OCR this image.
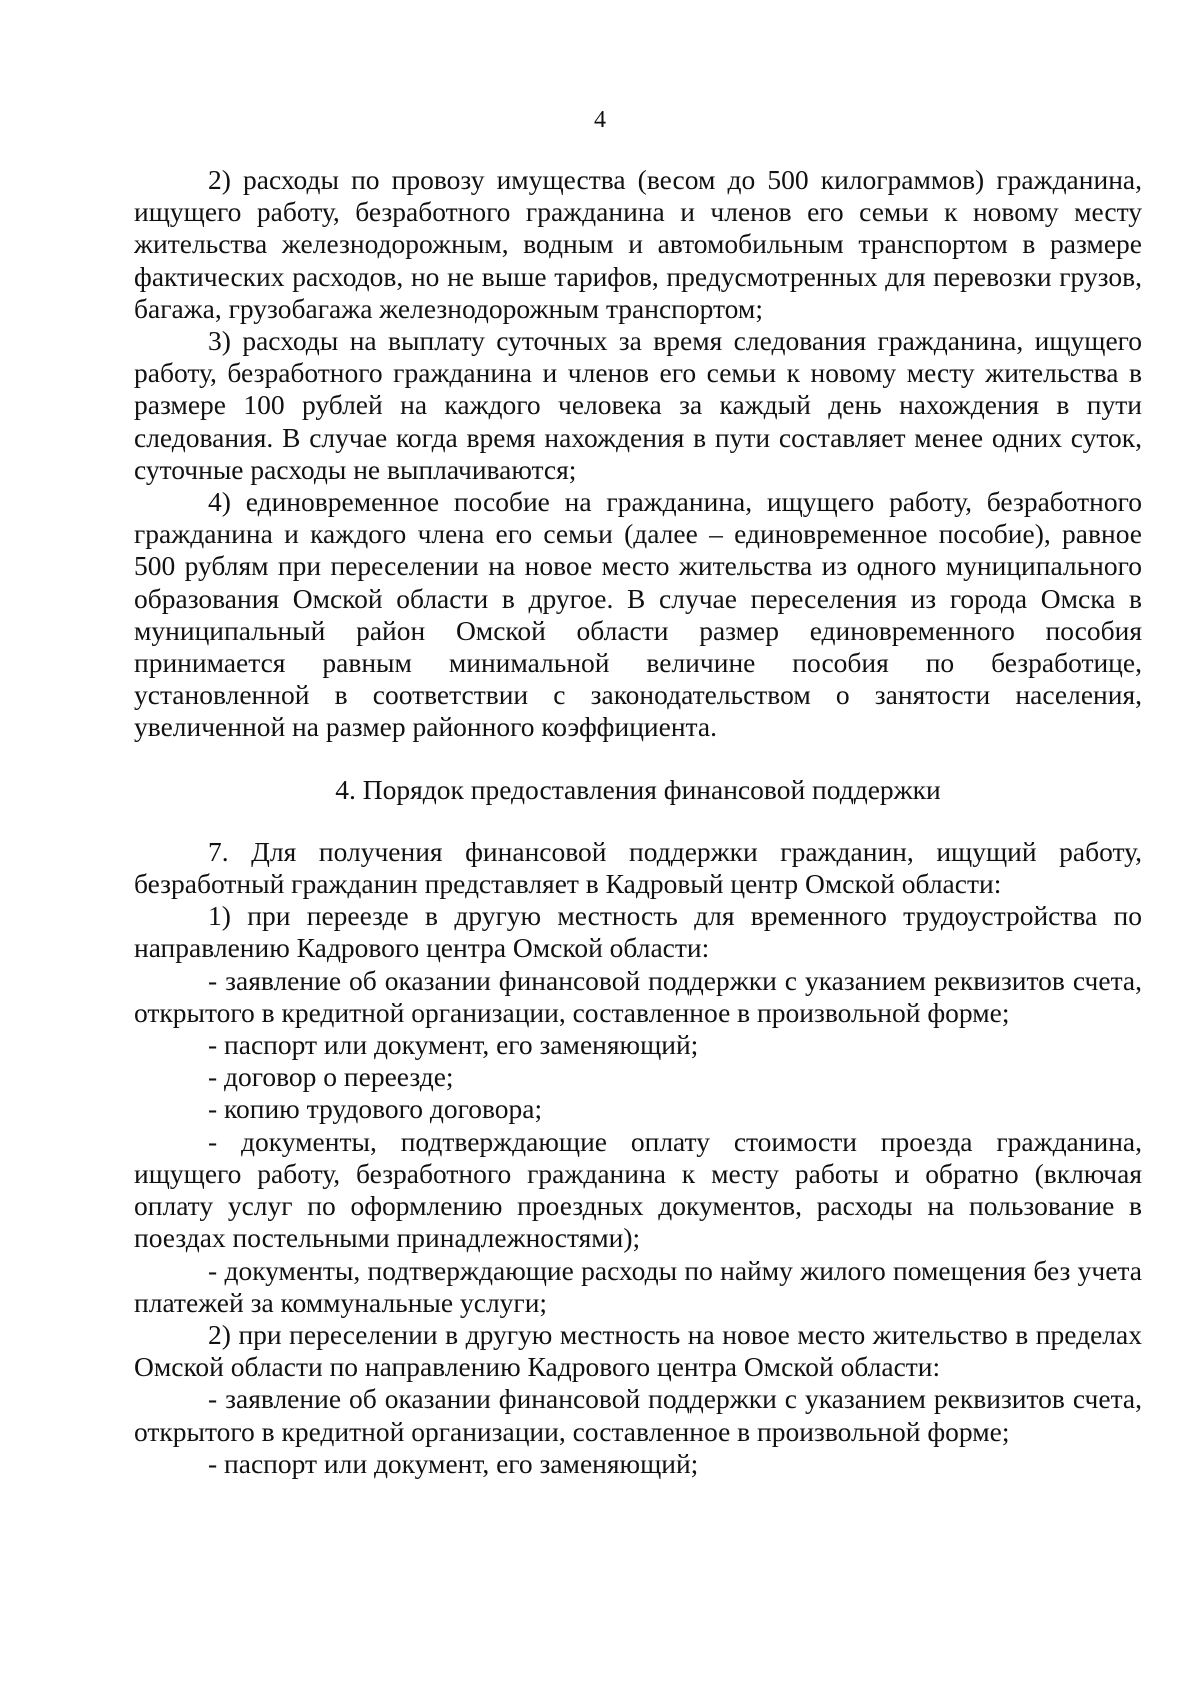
4

2) расходы по провозу имущества (весом до 500 килограммов) гражданина, ищущего работу, безработного гражданина и членов его семьи к новому месту жительства железнодорожным, водным и автомобильным транспортом в размере фактических расходов, но не выше тарифов, предусмотренных для перевозки грузов, багажа, грузобагажа железнодорожным транспортом;

3) расходы на выплату суточных за время следования гражданина, ищущего работу, безработного гражданина и членов его семьи к новому месту жительства в размере 100 рублей на каждого человека за каждый день нахождения в пути следования. В случае когда время нахождения в пути составляет менее одних суток, суточные расходы не выплачиваются;

4) единовременное пособие на гражданина, ищущего работу, безработного гражданина и каждого члена его семьи (далее – единовременное пособие), равное 500 рублям при переселении на новое место жительства из одного муниципального образования Омской области в другое. В случае переселения из города Омска в муниципальный район Омской области размер единовременного пособия принимается равным минимальной величине пособия по безработице, установленной в соответствии с законодательством о занятости населения, увеличенной на размер районного коэффициента.

4. Порядок предоставления финансовой поддержки

7. Для получения финансовой поддержки гражданин, ищущий работу, безработный гражданин представляет в Кадровый центр Омской области:

1) при переезде в другую местность для временного трудоустройства по направлению Кадрового центра Омской области:

- заявление об оказании финансовой поддержки с указанием реквизитов счета, открытого в кредитной организации, составленное в произвольной форме;

- паспорт или документ, его заменяющий;

- договор о переезде;

- копию трудового договора;

- документы, подтверждающие оплату стоимости проезда гражданина, ищущего работу, безработного гражданина к месту работы и обратно (включая оплату услуг по оформлению проездных документов, расходы на пользование в поездах постельными принадлежностями);

- документы, подтверждающие расходы по найму жилого помещения без учета платежей за коммунальные услуги;

2) при переселении в другую местность на новое место жительство в пределах Омской области по направлению Кадрового центра Омской области:

- заявление об оказании финансовой поддержки с указанием реквизитов счета, открытого в кредитной организации, составленное в произвольной форме;

- паспорт или документ, его заменяющий;
